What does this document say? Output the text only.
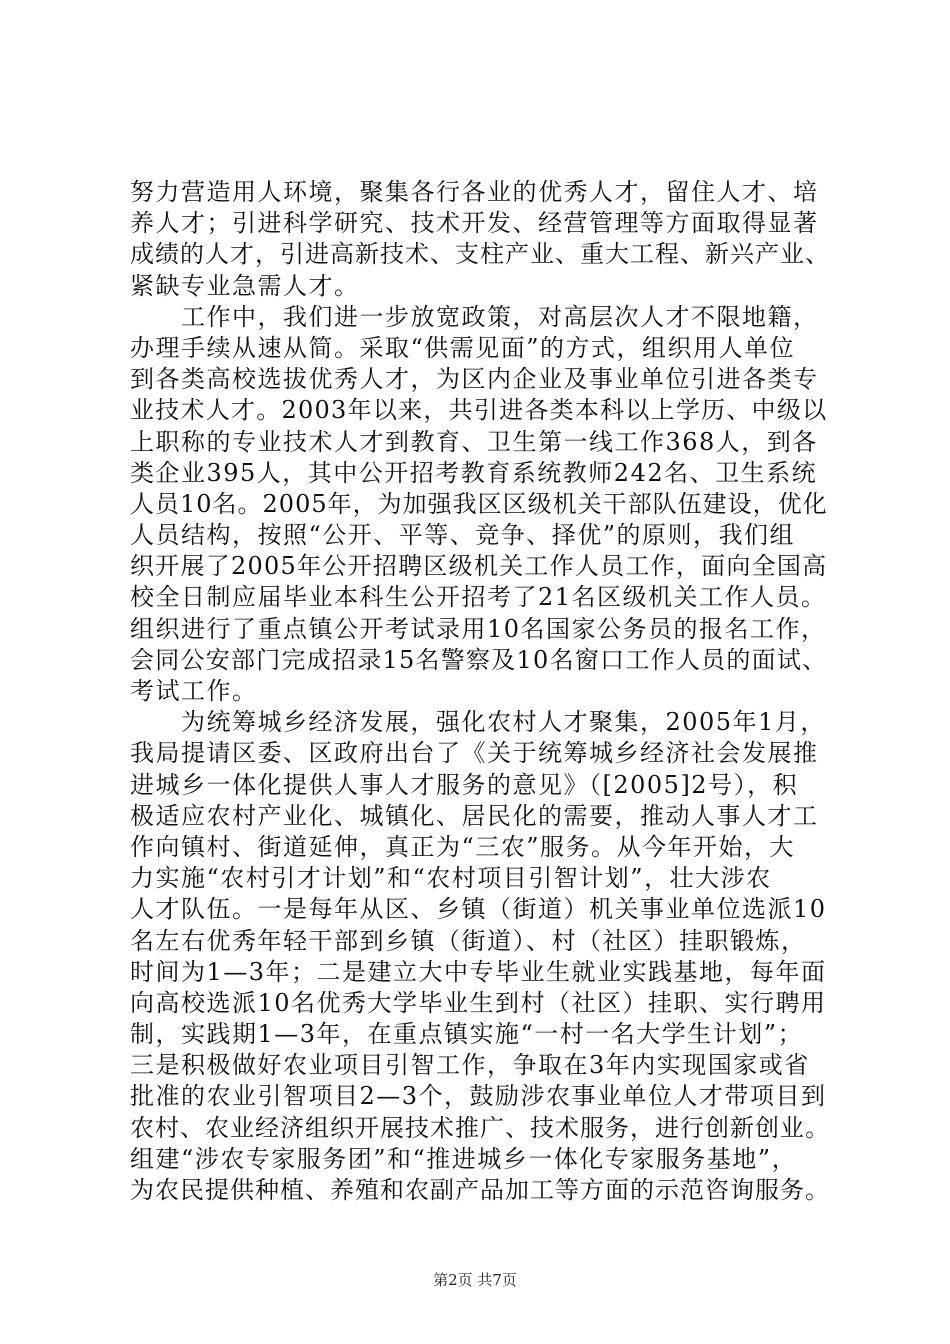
努力营造用人环境，聚集各行各业的优秀人才，留住人才、培
养人才；引进科学研究、技术开发、经营管理等方面取得显著
成绩的人才，引进高新技术、支柱产业、重大工程、新兴产业、
紧缺专业急需人才。
　　工作中，我们进一步放宽政策，对高层次人才不限地籍，
办理手续从速从简。采取“供需见面”的方式，组织用人单位
到各类高校选拔优秀人才，为区内企业及事业单位引进各类专
业技术人才。2003年以来，共引进各类本科以上学历、中级以
上职称的专业技术人才到教育、卫生第一线工作368人，到各
类企业395人，其中公开招考教育系统教师242名、卫生系统
人员10名。2005年，为加强我区区级机关干部队伍建设，优化
人员结构，按照“公开、平等、竞争、择优”的原则，我们组
织开展了2005年公开招聘区级机关工作人员工作，面向全国高
校全日制应届毕业本科生公开招考了21名区级机关工作人员。
组织进行了重点镇公开考试录用10名国家公务员的报名工作，
会同公安部门完成招录15名警察及10名窗口工作人员的面试、
考试工作。
　　为统筹城乡经济发展，强化农村人才聚集，2005年1月，
我局提请区委、区政府出台了《关于统筹城乡经济社会发展推
进城乡一体化提供人事人才服务的意见》（[2005]2号），积
极适应农村产业化、城镇化、居民化的需要，推动人事人才工
作向镇村、街道延伸，真正为“三农”服务。从今年开始，大
力实施“农村引才计划”和“农村项目引智计划”，壮大涉农
人才队伍。一是每年从区、乡镇（街道）机关事业单位选派10
名左右优秀年轻干部到乡镇（街道）、村（社区）挂职锻炼，
时间为1—3年；二是建立大中专毕业生就业实践基地，每年面
向高校选派10名优秀大学毕业生到村（社区）挂职、实行聘用
制，实践期1—3年，在重点镇实施“一村一名大学生计划”；
三是积极做好农业项目引智工作，争取在3年内实现国家或省
批准的农业引智项目2—3个，鼓励涉农事业单位人才带项目到
农村、农业经济组织开展技术推广、技术服务，进行创新创业。
组建“涉农专家服务团”和“推进城乡一体化专家服务基地”，
为农民提供种植、养殖和农副产品加工等方面的示范咨询服务。
第2页 共7页
